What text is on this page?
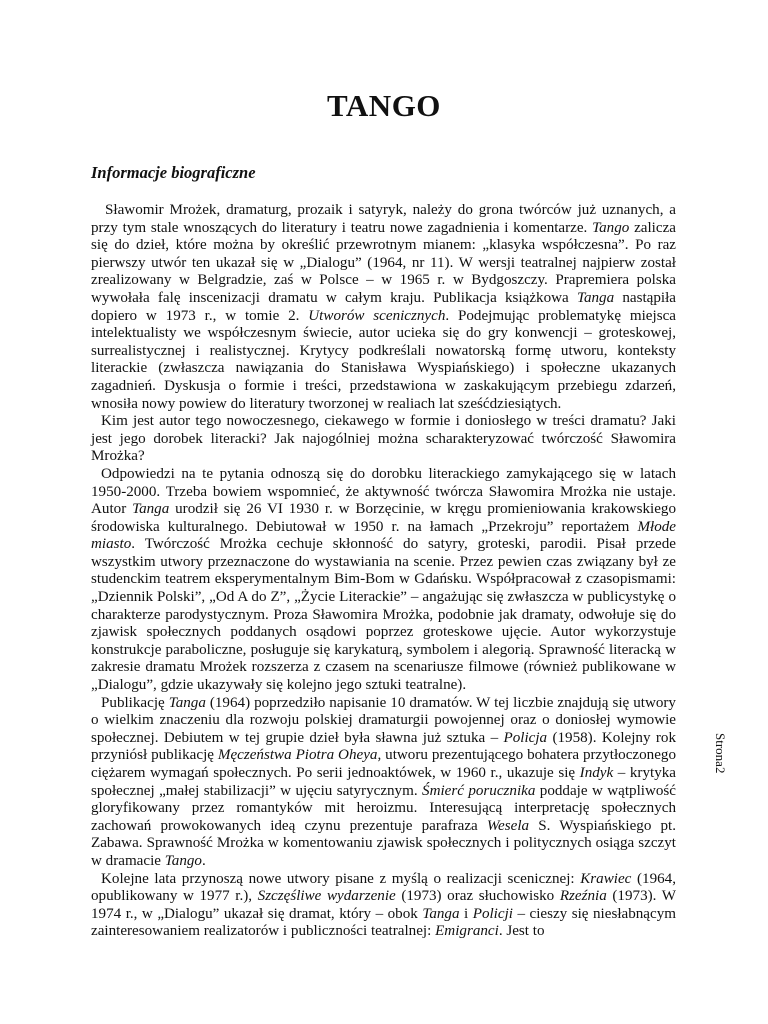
TANGO
Informacje biograficzne

Sławomir Mrożek, dramaturg, prozaik i satyryk, należy do grona twórców już uznanych, a przy tym stale wnoszących do literatury i teatru nowe zagadnienia i komentarze. Tango zalicza się do dzieł, które można by określić przewrotnym mianem: „klasyka współczesna”. Po raz pierwszy utwór ten ukazał się w „Dialogu” (1964, nr 11). W wersji teatralnej najpierw został zrealizowany w Belgradzie, zaś w Polsce – w 1965 r. w Bydgoszczy. Prapremiera polska wywołała falę inscenizacji dramatu w całym kraju. Publikacja książkowa Tanga nastąpiła dopiero w 1973 r., w tomie 2. Utworów scenicznych. Podejmując problematykę miejsca intelektualisty we współczesnym świecie, autor ucieka się do gry konwencji – groteskowej, surrealistycznej i realistycznej. Krytycy podkreślali nowatorską formę utworu, konteksty literackie (zwłaszcza nawiązania do Stanisława Wyspiańskiego) i społeczne ukazanych zagadnień. Dyskusja o formie i treści, przedstawiona w zaskakującym przebiegu zdarzeń, wnosiła nowy powiew do literatury tworzonej w realiach lat sześćdziesiątych.

Kim jest autor tego nowoczesnego, ciekawego w formie i doniosłego w treści dramatu? Jaki jest jego dorobek literacki? Jak najogólniej można scharakteryzować twórczość Sławomira Mrożka?

Odpowiedzi na te pytania odnoszą się do dorobku literackiego zamykającego się w latach 1950-2000. Trzeba bowiem wspomnieć, że aktywność twórcza Sławomira Mrożka nie ustaje. Autor Tanga urodził się 26 VI 1930 r. w Borzęcinie, w kręgu promieniowania krakowskiego środowiska kulturalnego. Debiutował w 1950 r. na łamach „Przekroju” reportażem Młode miasto. Twórczość Mrożka cechuje skłonność do satyry, groteski, parodii. Pisał przede wszystkim utwory przeznaczone do wystawiania na scenie. Przez pewien czas związany był ze studenckim teatrem eksperymentalnym Bim-Bom w Gdańsku. Współpracował z czasopismami: „Dziennik Polski”, „Od A do Z”, „Życie Literackie” – angażując się zwłaszcza w publicystykę o charakterze parodystycznym. Proza Sławomira Mrożka, podobnie jak dramaty, odwołuje się do zjawisk społecznych poddanych osądowi poprzez groteskowe ujęcie. Autor wykorzystuje konstrukcje paraboliczne, posługuje się karykaturą, symbolem i alegorią. Sprawność literacką w zakresie dramatu Mrożek rozszerza z czasem na scenariusze filmowe (również publikowane w „Dialogu”, gdzie ukazywały się kolejno jego sztuki teatralne).

Publikację Tanga (1964) poprzedziło napisanie 10 dramatów. W tej liczbie znajdują się utwory o wielkim znaczeniu dla rozwoju polskiej dramaturgii powojennej oraz o doniosłej wymowie społecznej. Debiutem w tej grupie dzieł była sławna już sztuka – Policja (1958). Kolejny rok przyniósł publikację Męczeństwa Piotra Oheya, utworu prezentującego bohatera przytłoczonego ciężarem wymagań społecznych. Po serii jednoaktówek, w 1960 r., ukazuje się Indyk – krytyka społecznej „małej stabilizacji” w ujęciu satyrycznym. Śmierć porucznika poddaje w wątpliwość gloryfikowany przez romantyków mit heroizmu. Interesującą interpretację społecznych zachowań prowokowanych ideą czynu prezentuje parafraza Wesela S. Wyspiańskiego pt. Zabawa. Sprawność Mrożka w komentowaniu zjawisk społecznych i politycznych osiąga szczyt w dramacie Tango.

Kolejne lata przynoszą nowe utwory pisane z myślą o realizacji scenicznej: Krawiec (1964, opublikowany w 1977 r.), Szczęśliwe wydarzenie (1973) oraz słuchowisko Rzeźnia (1973). W 1974 r., w „Dialogu” ukazał się dramat, który – obok Tanga i Policji – cieszy się niesłabnącym zainteresowaniem realizatorów i publiczności teatralnej: Emigranci. Jest to

Strona2
